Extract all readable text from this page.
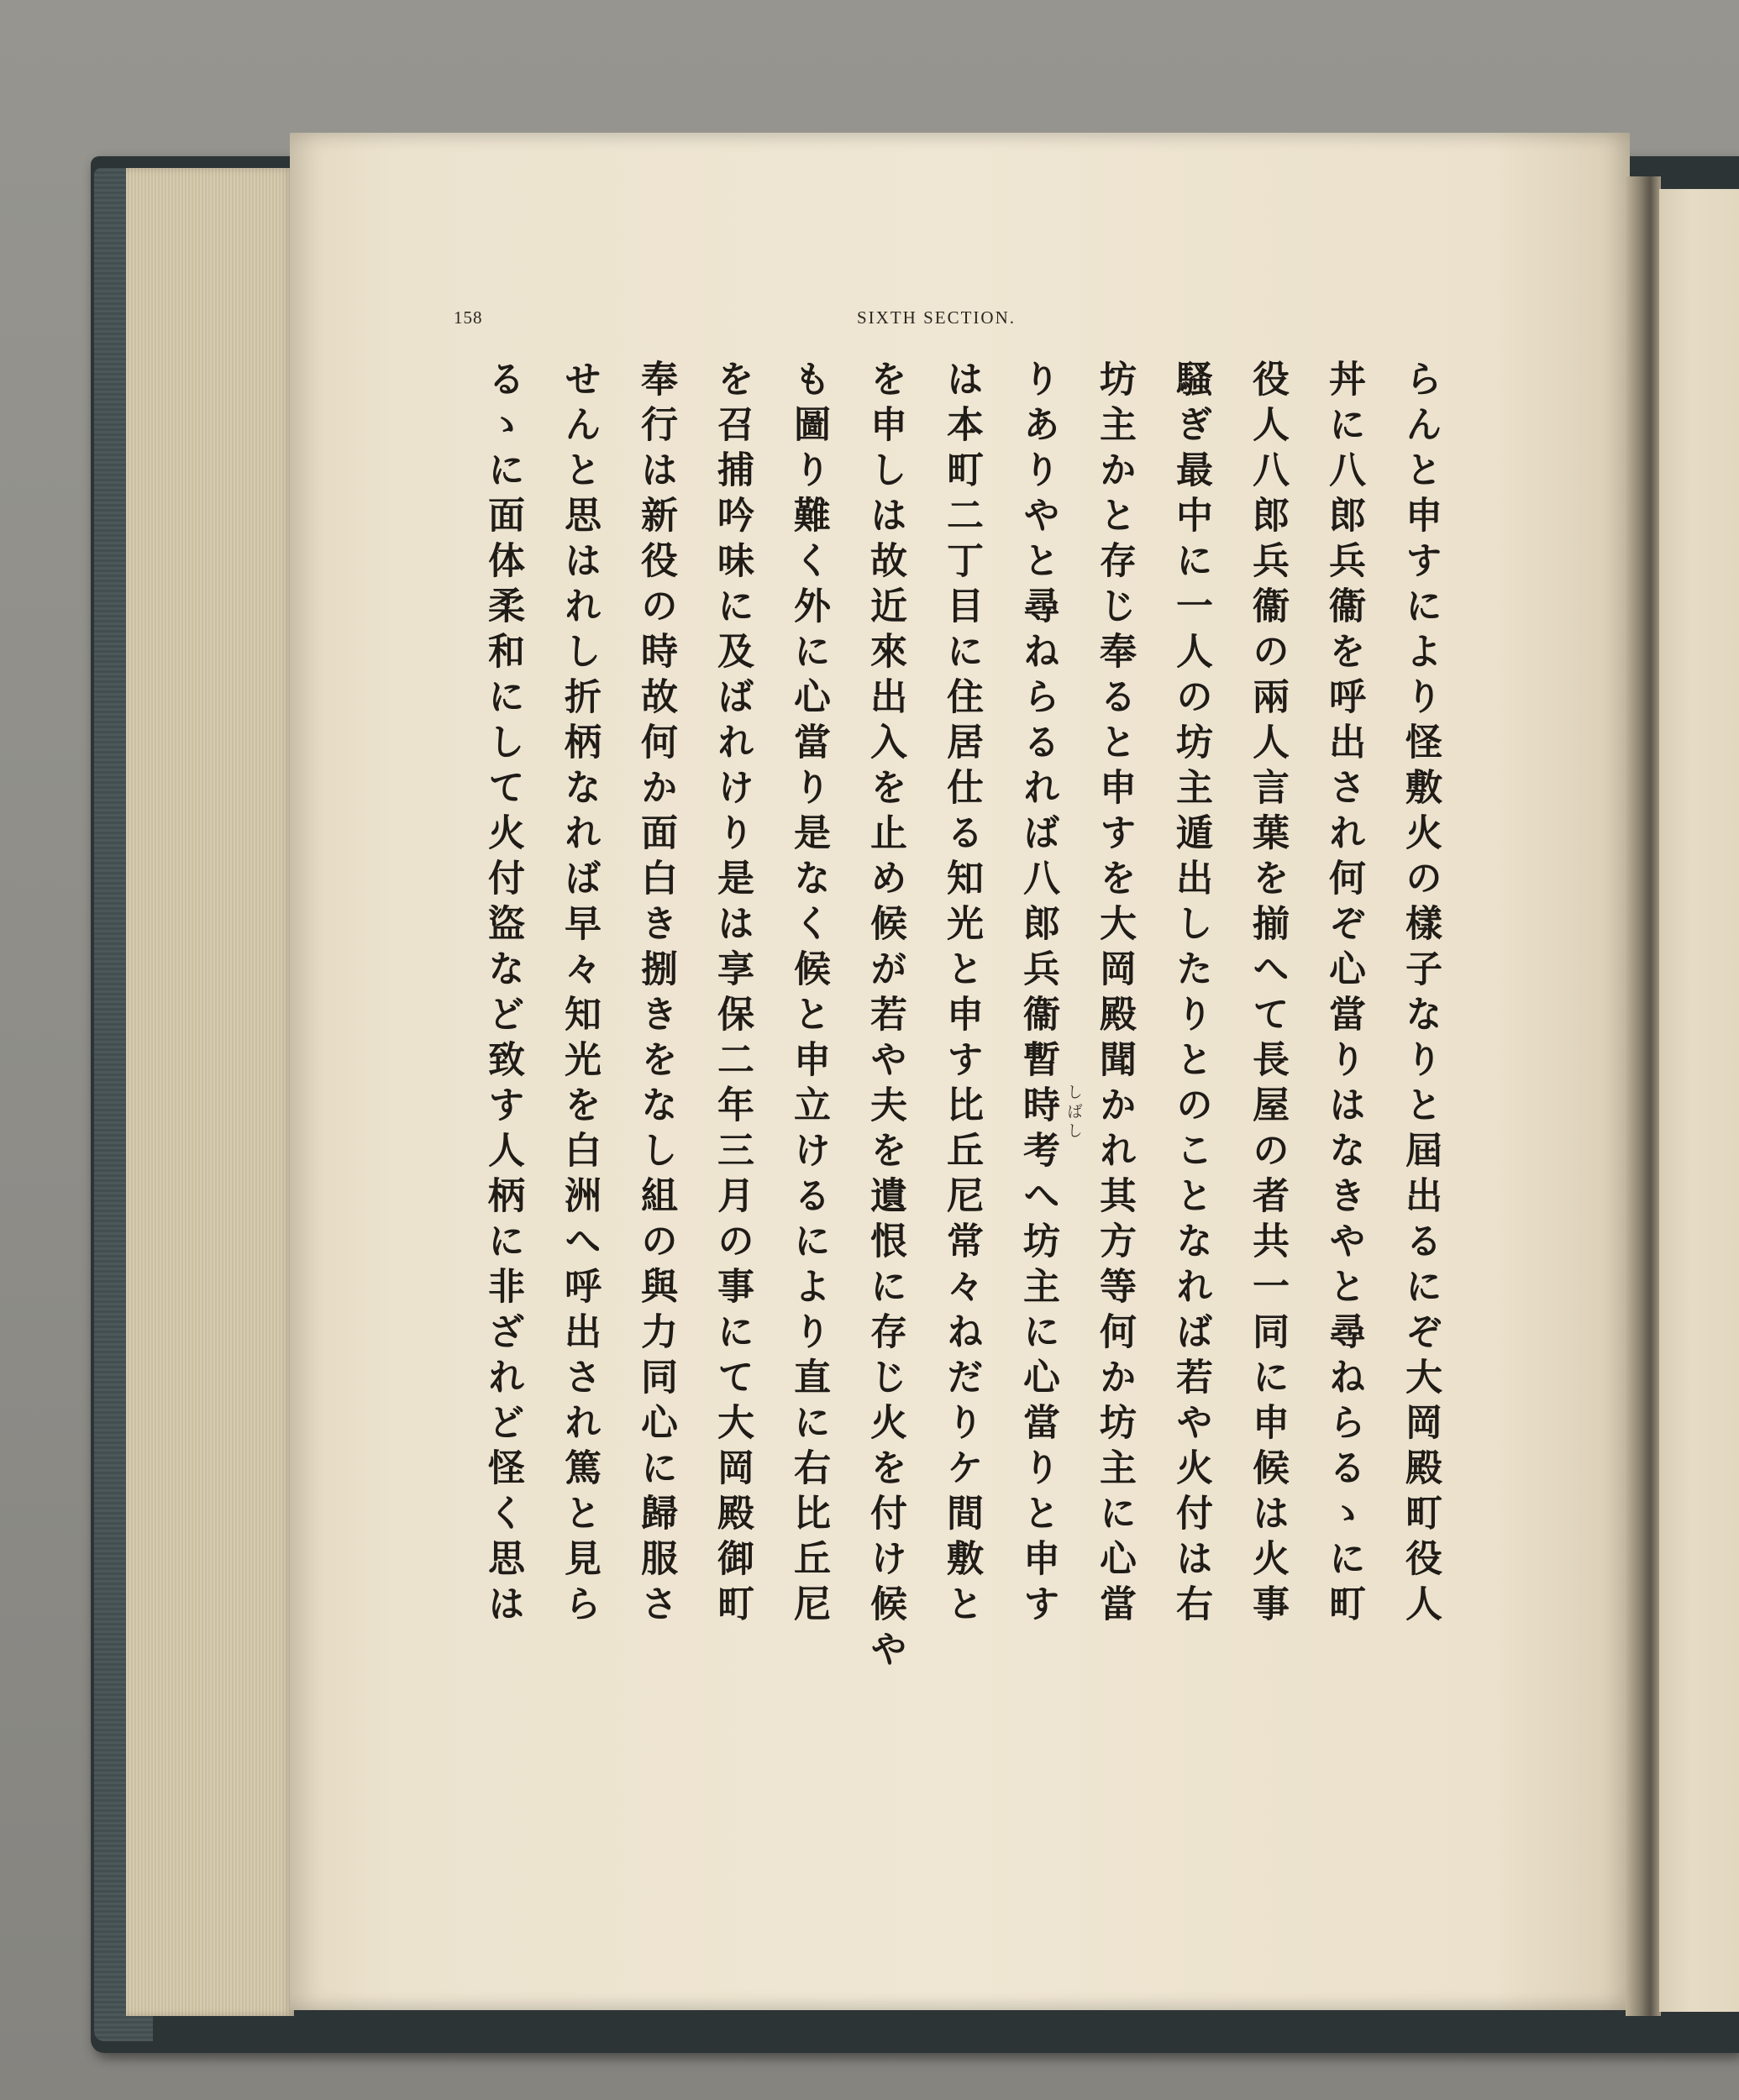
158	SIXTH SECTION.
らんと申すにより怪敷火の樣子なりと屆出るにぞ大岡殿町役人
丼に八郎兵衞を呼出され何ぞ心當りはなきやと尋ねらるゝに町
役人八郎兵衞の兩人言葉を揃へて長屋の者共一同に申候は火事
騷ぎ最中に一人の坊主遁出したりとのことなれば若や火付は右
坊主かと存じ奉ると申すを大岡殿聞かれ其方等何か坊主に心當
りありやと尋ねらるれば八郎兵衞暫時考へ坊主に心當りと申す
は本町二丁目に住居仕る知光と申す比丘尼常々ねだりケ間敷と
を申しは故近來出入を止め候が若や夫を遺恨に存じ火を付け候や
も圖り難く外に心當り是なく候と申立けるにより直に右比丘尼
を召捕吟味に及ばれけり是は享保二年三月の事にて大岡殿御町
奉行は新役の時故何か面白き捌きをなし組の與力同心に歸服さ
せんと思はれし折柄なれば早々知光を白洲へ呼出され篤と見ら
るゝに面体柔和にして火付盜など致す人柄に非ざれど怪く思は	しばし
